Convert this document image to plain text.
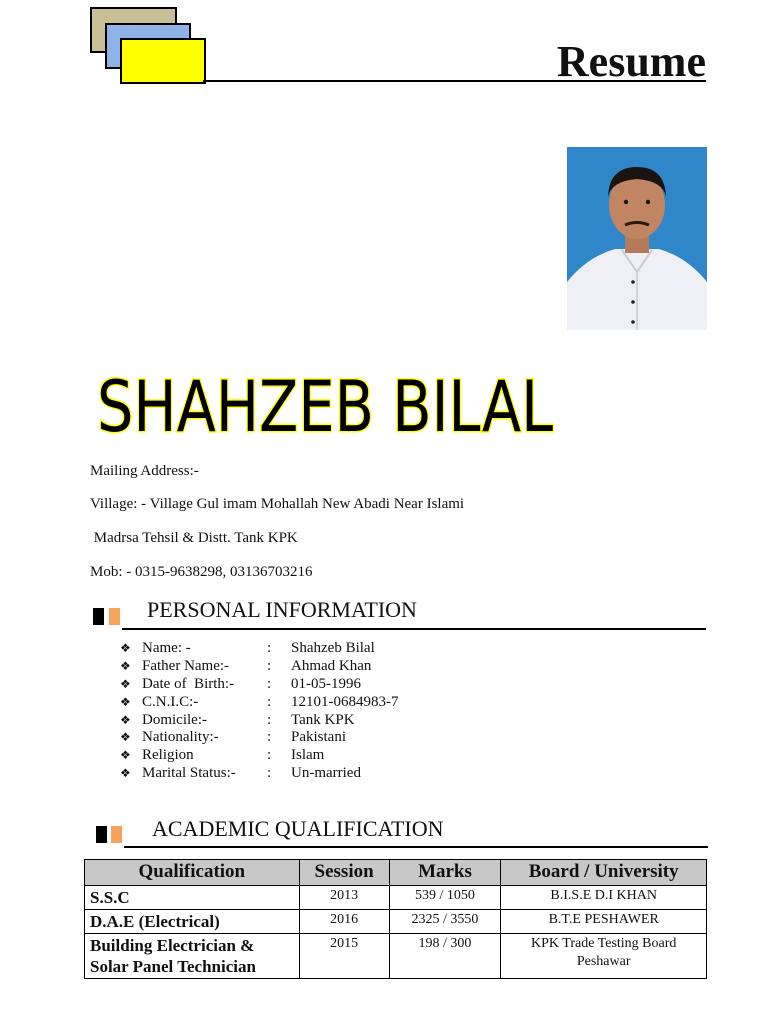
Resume
SHAHZEB BILAL
Mailing Address:-
Village: - Village Gul imam Mohallah New Abadi Near Islami
Madrsa Tehsil & Distt. Tank KPK
Mob: - 0315-9638298, 03136703216
PERSONAL INFORMATION
❖ Name: -	:	Shahzeb Bilal
❖ Father Name:-	:	Ahmad Khan
❖ Date of  Birth:-	:	01-05-1996
❖ C.N.I.C:-	:	12101-0684983-7
❖ Domicile:-	:	Tank KPK
❖ Nationality:-	:	Pakistani
❖ Religion	:	Islam
❖ Marital Status:-	:	Un-married
ACADEMIC QUALIFICATION
Qualification	Session	Marks	Board / University
S.S.C	2013	539 / 1050	B.I.S.E D.I KHAN
D.A.E (Electrical)	2016	2325 / 3550	B.T.E PESHAWER
Building Electrician & Solar Panel Technician	2015	198 / 300	KPK Trade Testing Board Peshawar
